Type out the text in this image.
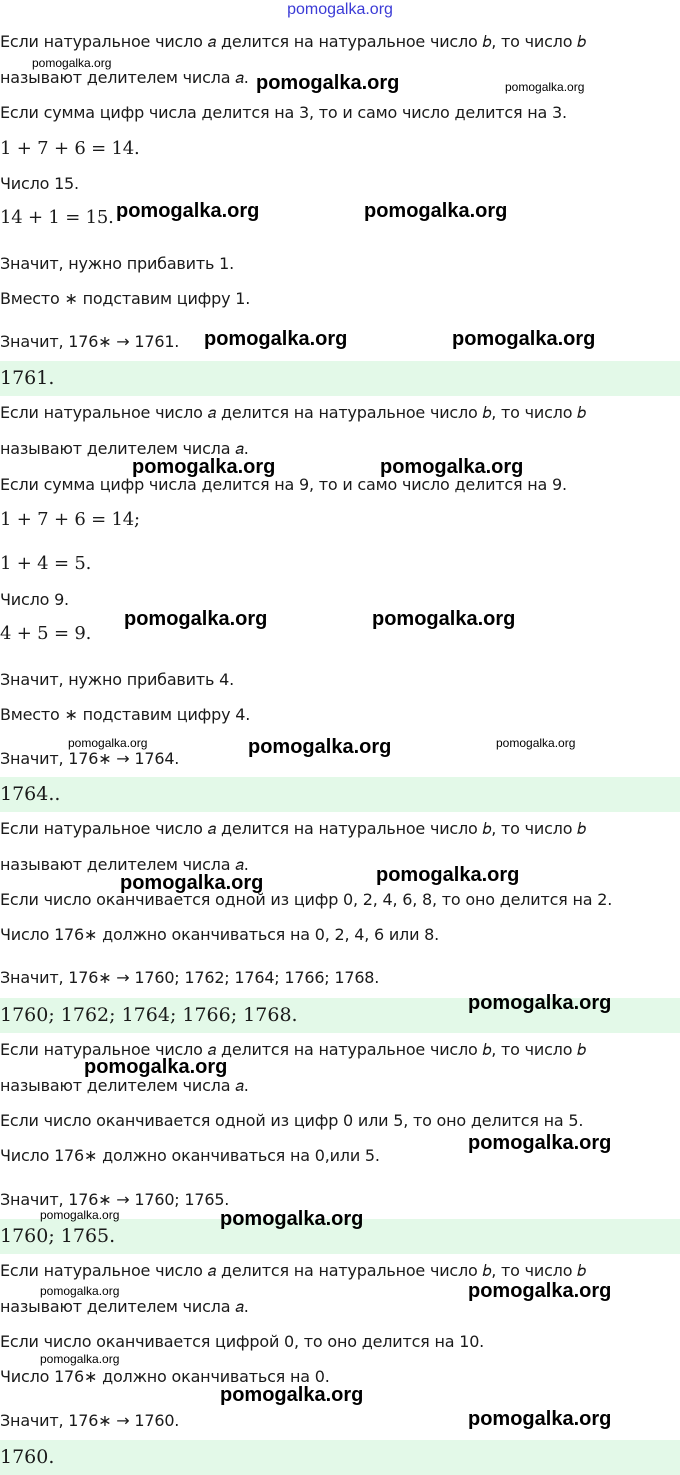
pomogalka.org
Если натуральное число 𝑎 делится на натуральное число 𝑏, то число 𝑏
называют делителем числа 𝑎.
Если сумма цифр числа делится на 3, то и само число делится на 3.
1 + 7 + 6 = 14.
Число 15.
14 + 1 = 15.
Значит, нужно прибавить 1.
Вместо ∗ подставим цифру 1.
Значит, 176∗ → 1761.
1761.
Если натуральное число 𝑎 делится на натуральное число 𝑏, то число 𝑏
называют делителем числа 𝑎.
Если сумма цифр числа делится на 9, то и само число делится на 9.
1 + 7 + 6 = 14;
1 + 4 = 5.
Число 9.
4 + 5 = 9.
Значит, нужно прибавить 4.
Вместо ∗ подставим цифру 4.
Значит, 176∗ → 1764.
1764..
Если натуральное число 𝑎 делится на натуральное число 𝑏, то число 𝑏
называют делителем числа 𝑎.
Если число оканчивается одной из цифр 0, 2, 4, 6, 8, то оно делится на 2.
Число 176∗ должно оканчиваться на 0, 2, 4, 6 или 8.
Значит, 176∗ → 1760; 1762; 1764; 1766; 1768.
1760; 1762; 1764; 1766; 1768.
Если натуральное число 𝑎 делится на натуральное число 𝑏, то число 𝑏
называют делителем числа 𝑎.
Если число оканчивается одной из цифр 0 или 5, то оно делится на 5.
Число 176∗ должно оканчиваться на 0,или 5.
Значит, 176∗ → 1760; 1765.
1760; 1765.
Если натуральное число 𝑎 делится на натуральное число 𝑏, то число 𝑏
называют делителем числа 𝑎.
Если число оканчивается цифрой 0, то оно делится на 10.
Число 176∗ должно оканчиваться на 0.
Значит, 176∗ → 1760.
1760.
pomogalka.org
pomogalka.org	pomogalka.org
pomogalka.org	pomogalka.org
pomogalka.org	pomogalka.org
pomogalka.org	pomogalka.org
pomogalka.org	pomogalka.org
pomogalka.org	pomogalka.org	pomogalka.org
pomogalka.org
pomogalka.org
pomogalka.org
pomogalka.org
pomogalka.org
pomogalka.org	pomogalka.org
pomogalka.org	pomogalka.org
pomogalka.org
pomogalka.org
pomogalka.org
